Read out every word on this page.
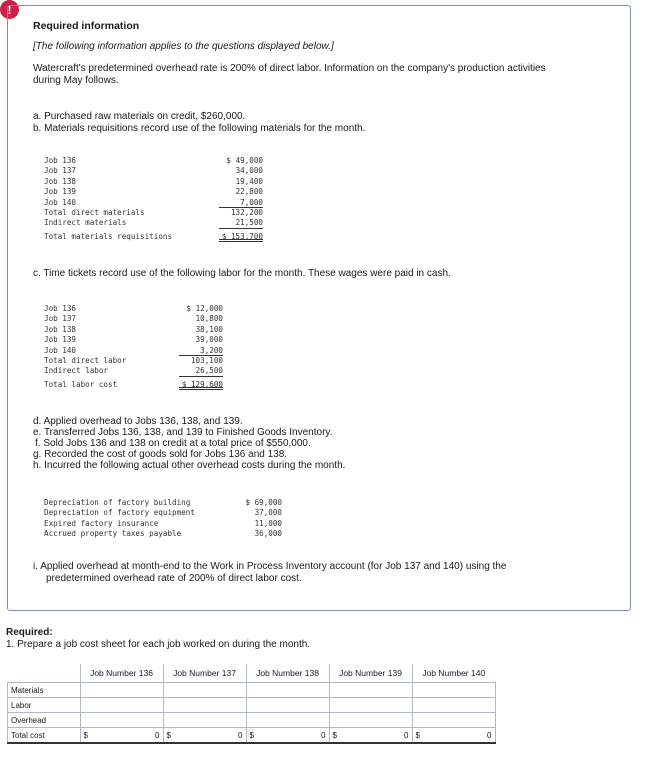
!
Required information
[The following information applies to the questions displayed below.]
Watercraft's predetermined overhead rate is 200% of direct labor. Information on the company's production activities
during May follows.
a. Purchased raw materials on credit, $260,000.
b. Materials requisitions record use of the following materials for the month.
Job 136	$ 49,000
Job 137	34,000
Job 138	19,400
Job 139	22,800
Job 140	7,000
Total direct materials	132,200
Indirect materials	21,500
Total materials requisitions	$ 153,700
c. Time tickets record use of the following labor for the month. These wages were paid in cash.
Job 136	$ 12,000
Job 137	10,800
Job 138	38,100
Job 139	39,000
Job 140	3,200
Total direct labor	103,100
Indirect labor	26,500
Total labor cost	$ 129,600
d. Applied overhead to Jobs 136, 138, and 139.
e. Transferred Jobs 136, 138, and 139 to Finished Goods Inventory.
f. Sold Jobs 136 and 138 on credit at a total price of $550,000.
g. Recorded the cost of goods sold for Jobs 136 and 138.
h. Incurred the following actual other overhead costs during the month.
Depreciation of factory building	$ 69,000
Depreciation of factory equipment	37,000
Expired factory insurance	11,000
Accrued property taxes payable	36,000
i. Applied overhead at month-end to the Work in Process Inventory account (for Job 137 and 140) using the
predetermined overhead rate of 200% of direct labor cost.
Required:
1. Prepare a job cost sheet for each job worked on during the month.
	Job Number 136	Job Number 137	Job Number 138	Job Number 139	Job Number 140
Materials					
Labor					
Overhead					
Total cost	$ 0	$ 0	$ 0	$ 0	$ 0
